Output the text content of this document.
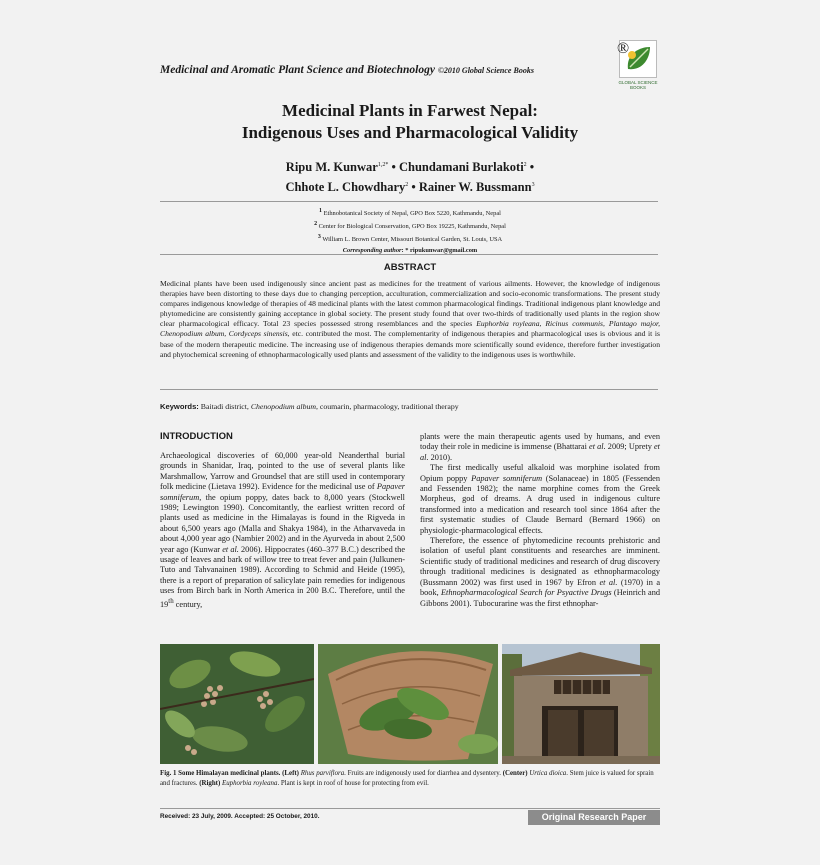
Medicinal and Aromatic Plant Science and Biotechnology ©2010 Global Science Books
GLOBAL SCIENCE
BOOKS
®
Medicinal Plants in Farwest Nepal:
Indigenous Uses and Pharmacological Validity
Ripu M. Kunwar$^{1,2*}$ • Chundamani Burlakoti$^2$ •
Chhote L. Chowdhary$^2$ • Rainer W. Bussmann$^3$
$^1$ Ethnobotanical Society of Nepal, GPO Box 5220, Kathmandu, Nepal
$^2$ Center for Biological Conservation, GPO Box 19225, Kathmandu, Nepal
$^3$ William L. Brown Center, Missouri Botanical Garden, St. Louis, USA
Corresponding author: * ripukunwar@gmail.com
ABSTRACT
Medicinal plants have been used indigenously since ancient past as medicines for the treatment of various ailments. However, the knowledge of indigenous therapies have been distorting to these days due to changing perception, acculturation, commercialization and socio-economic transformations. The present study compares indigenous knowledge of therapies of 48 medicinal plants with the latest common pharmacological findings. Traditional indigenous plant knowledge and phytomedicine are consistently gaining acceptance in global society. The present study found that over two-thirds of traditionally used plants in the region show clear pharmacological efficacy. Total 23 species possessed strong resemblances and the species Euphorbia royleana, Ricinus communis, Plantago major, Chenopodium album, Cordyceps sinensis, etc. contributed the most. The complementarity of indigenous therapies and pharmacological uses is obvious and it is base of the modern therapeutic medicine. The increasing use of indigenous therapies demands more scientifically sound evidence, therefore further investigation and phytochemical screening of ethnopharmacologically used plants and assessment of the validity to the indigenous uses is worthwhile.
Keywords: Baitadi district, Chenopodium album, coumarin, pharmacology, traditional therapy
INTRODUCTION
Archaeological discoveries of 60,000 year-old Neanderthal burial grounds in Shanidar, Iraq, pointed to the use of several plants like Marshmallow, Yarrow and Groundsel that are still used in contemporary folk medicine (Lietava 1992). Evidence for the medicinal use of Papaver somniferum, the opium poppy, dates back to 8,000 years (Stockwell 1989; Lewington 1990). Concomitantly, the earliest written record of plants used as medicine in the Himalayas is found in the Rigveda in about 6,500 years ago (Malla and Shakya 1984), in the Atharvaveda in about 4,000 year ago (Nambier 2002) and in the Ayurveda in about 2,500 year ago (Kunwar et al. 2006). Hippocrates (460–377 B.C.) described the usage of leaves and bark of willow tree to treat fever and pain (Julkunen-Tuto and Tahvanainen 1989). According to Schmid and Heide (1995), there is a report of preparation of salicylate pain remedies for indigenous uses from Birch bark in North America in 200 B.C. Therefore, until the 19th century,
plants were the main therapeutic agents used by humans, and even today their role in medicine is immense (Bhattarai et al. 2009; Uprety et al. 2010).
The first medically useful alkaloid was morphine isolated from Opium poppy Papaver somniferum (Solanaceae) in 1805 (Fessenden and Fessenden 1982); the name morphine comes from the Greek Morpheus, god of dreams. A drug used in indigenous culture transformed into a medication and research tool since 1864 after the first systematic studies of Claude Bernard (Bernard 1966) on physiologic-pharmacological effects.
Therefore, the essence of phytomedicine recounts prehistoric and isolation of useful plant constituents and researches are imminent. Scientific study of traditional medicines and research of drug discovery through traditional medicines is designated as ethnopharmacology (Bussmann 2002) was first used in 1967 by Efron et al. (1970) in a book, Ethnopharmacological Search for Psyactive Drugs (Heinrich and Gibbons 2001). Tubocurarine was the first ethnophar-
Fig. 1 Some Himalayan medicinal plants. (Left) Rhus parviflora. Fruits are indigenously used for diarrhea and dysentery. (Center) Urtica dioica. Stem juice is valued for sprain and fractures. (Right) Euphorbia royleana. Plant is kept in roof of house for protecting from evil.
Received: 23 July, 2009. Accepted: 25 October, 2010.	Original Research Paper
